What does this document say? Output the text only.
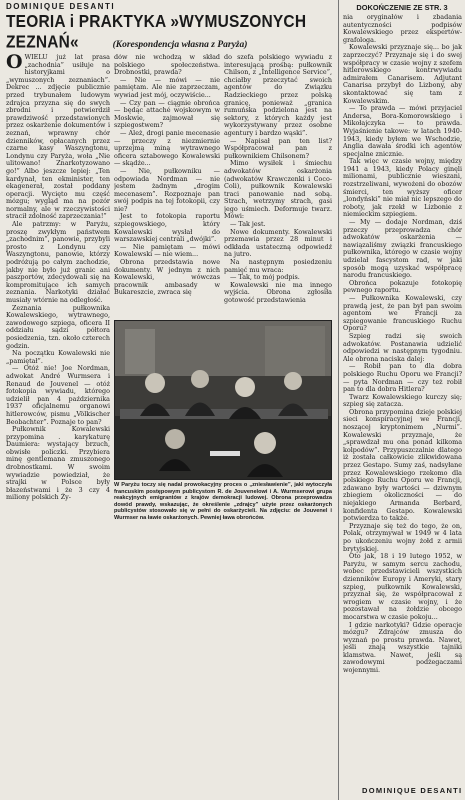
DOMINIQUE DESANTI
TEORIA i PRAKTYKA »WYMUSZONYCH ZEZNAŃ«	(Korespondencja własna z Paryża)

O WIELU już lat prasa „zachodnia” usiłuje na historyjkami o „wymuszonych zeznaniach”. Dekrec ... zdjęcie publicznie przed trybunałem ludowym zdrajca przyzna się do swych zbrodni i potwierdził prawdziwość przedstawionych przez oskarżenie dokumentów i zeznań, wprawny chór dzienników, opłacanych przez czarne kasy Waszyngtonu, Londynu czy Paryża, woła „Nie ulitowano! Znarkotyzowano go!” Albo jeszcze lepiej: „Ten kardynał, ten ekminister, ten ekagenerał, został poddany operacji. Wycięto mu część mózgu; wygląd ma na pozór normalny, ale w rzeczywistości stracił zdolność zaprzeczania!”

Ale patrzmy: w Paryżu, proszę zwykłym państwem „zachodnim”, panowie, przybyli prosto z Londynu czy Waszyngtonu, panowie, którzy podróżują po całym zachodzie, jakby nie było już granic ani paszportów, zdecydowali się na kompromitujące ich samych zeznania. Narkotyki działać musiały wtórnie na odległość.

Zeznania pułkownika Kowalewskiego, wytrawnego, zawodowego szpiega, oficera II oddziału sądzi półtora posiedzenia, tzn. około czterech godzin.

Na początku Kowalewski nie „pamiętał”.

— Otóż nie! Joe Nordman, adwokat André Wurmsera i Renaud de Jouvenel — otóż fotokopia wywiadu, którego udzielił pan 4 października 1937 oficjalnemu organowi hitlerowców, pismu „Völkischer Beobachter”. Poznaje to pan?

Pułkownik Kowalewski przypomina . karykaturę Daumiera: wystający brzuch, obwisłe policzki. Przybiera minę gentlemana zmuszonego drobnostkami. W swoim wywiadzie powiedział, że strajki w Polsce były błazeństwami i że 3 czy 4 miliony polskich Ży-

dów nie wchodzą w skład polskiego społeczeństwa. Drobnostki, prawda?

— Nie — mówi — nie pamiętam. Ale nie zaprzeczam, wywiad jest mój, oczywiście...

— Czy pan — ciągnie obrońca — będąc attaché wojskowym w Moskwie, zajmował się szpiegostwem?

— Ależ, drogi panie mecenasie — przeczy z niezmiernie uprzejmą miną wytrawnego oficera sztabowego Kowalewski — skądże...

— Nie, pułkowniku — odpowiada Nordman — nie jestem żadnym „drogim mecenasem”. Rozpoznaje pan swój podpis na tej fotokopii, czy nie?

Jest to fotokopia raportu szpiegowskiego, który Kowalewski wysłał do warszawskiej centrali „dwójki”.

— Nie pamiętam — mówi Kowalewski — nie wiem...

Obrona przedstawia nowe dokumenty. W jednym z nich Kowalewski, wówczas pracownik ambasady w Bukareszcie, zwraca się

do szefa polskiego wywiadu z interesującą prośbą: pułkownik Chilson, z „Intelligence Service”, chciałby przeczytać swoich agentów do Związku Radzieckiego przez polską granicę, ponieważ „granica rumuńska podzielona jest na sektory, z których każdy jest wykorzystywany przez osobne agentury i bardzo wąski”.

— Napisał pan ten list? Współpracował pan z pułkownikiem Chilsonem?

Mimo wysiłek i śmiechu adwokatów oskarżonia (adwokatów Krawczenki i Coco-Coli), pułkownik Kowalewski traci panowanie nad sobą. Strach, wetrzymy strach, gasi jego uśmiech. Deformuje twarz. Mówi:

— Tak jest.

Nowe dokumenty. Kowalewski przemawia przez 28 minut i odkłada ustateczną odpowiedź na jutro.

Na następnym posiedzeniu pamięć mu wraca:

— Tak, to mój podpis.

Kowalewski nie ma innego wyjścia. Obrona zgłosiła gotowość przedstawienia

W Paryżu toczy się nadal prowokacyjny proces o „zniesławienie”, jaki wytoczyła francuskim postępowym publicystom R. de Jouvenelowi i A. Wurmserowi grupa reakcyjnych emigrantów z krajów demokracji ludowej. Obrona przeprowadza dowód prawdy, wskazując, że określenie „zdrajcy” użyte przez oskarżonych publicystów stosowało się w pełni do oskarżycieli. Na zdjęciu: de Jouvenel i Wurmser na ławie oskarżonych. Pewniej ława obrońców.
DOKOŃCZENIE ZE STR. 3

nia oryginałów i zbadania autentyczności podpisów Kowalewskiego przez ekspertów-grafologa.

Kowalewski przyznaje się... bo jak zaprzeczyć? Przyznaje się i do swej współpracy w czasie wojny z szefem hitlerowskiego kontrwywiadu admirałem Canarisem. Adjutant Canarisa przybył do Lizbony, aby skontaktować się tam z Kowalewskim.

— To prawda — mówi przyjaciel Andersa, Bora-Komorowskiego i Mikołajczyka — to prawda. Wyjaśnienie takowe: w latach 1940-1943, kiedy byłem we Wschodzie, Anglia dawała środki ich agentów specjalne znicznie.

Tak więc w czasie wojny, między 1941 a 1943, kiedy Polacy ginęli milionami, publicznie wieszani, rozstrzeliwani, wywożeni do obozów śmierci, ten wyższy oficer „londyński” nie miał nic lepszego do roboty, jak rzekł w Lizbonie z niemieckim szpiegiem.

— My — dodaje Nordman, dziś przeczy przeprowadza chór adwokatów oskarżenia — nawiązaliśmy związki francuskiego pułkownika, którego w czasie wojny udzielał fascystom rad, w jaki sposób mogą uzyskać współpracę narodu francuskiego.

Obrońca pokazuje fotokopię pewnego raportu.

— Pułkownika Kowalewski, czy prawdą jest, że pan był pan swoim agentom we Francji za szpiegowanie francuskiego Ruchu Oporu?

Szpieg radzi się swoich adwokatów. Postanawia udzielić odpowiedzi w następnym tygodniu. Ale obrona naciska dalej:

— Robił pan to dla dobra polskiego Ruchu Oporu we Francji? — pyta Nordman — czy też robił pan to dla dobra Hitlera?

Twarz Kowalewskiego kurczy się; szpieg się zatacza.

Obrona przypomina dzieje polskiej sieci konspiracyjnej we Francji, noszącej kryptonimem „Nurmi”. Kowalewski przyznaje, że „sprawdzał mu ona ponad kilkoma kolpodów”. Przypuszczalnie dlatego iż została całkowicie zlikwidowana przez Gestapo. Sumy zaś, nadsyłane przez Kowalewskiego rzekomo dla polskiego Ruchu Oporu we Francji, zdawano były wartości — dziwnym zbiegiem okoliczności — do niejakiego Armanda Berbard, konfidenta Gestapo. Kowalewski potwierdza to także.

Przyznaje się też do tego, że on, Polak, otrzymywał w 1949 w 4 lata po ukończeniu wojny żołd z armii brytyjskiej.

Oto jak, 18 i 19 lutego 1952, w Paryżu, w samym sercu zachodu, wobec przedstawicieli wszystkich dzienników Europy i Ameryki, stary szpieg, pułkownik Kowalewski, przyznał się, że współpracował z wrogiem w czasie wojny, i że pozostawał na żołdzie obcego mocarstwa w czasie pokoju...

I gdzie narkotyki? Gdzie operacje mózgu? Zdrajców zmusza do wyznań po prostu prawda. Nawet, jeśli znają wszystkie tajniki klamstwa. Nawet, jeśli są zawodowymi podżegaczami wojennymi.

DOMINIQUE DESANTI
